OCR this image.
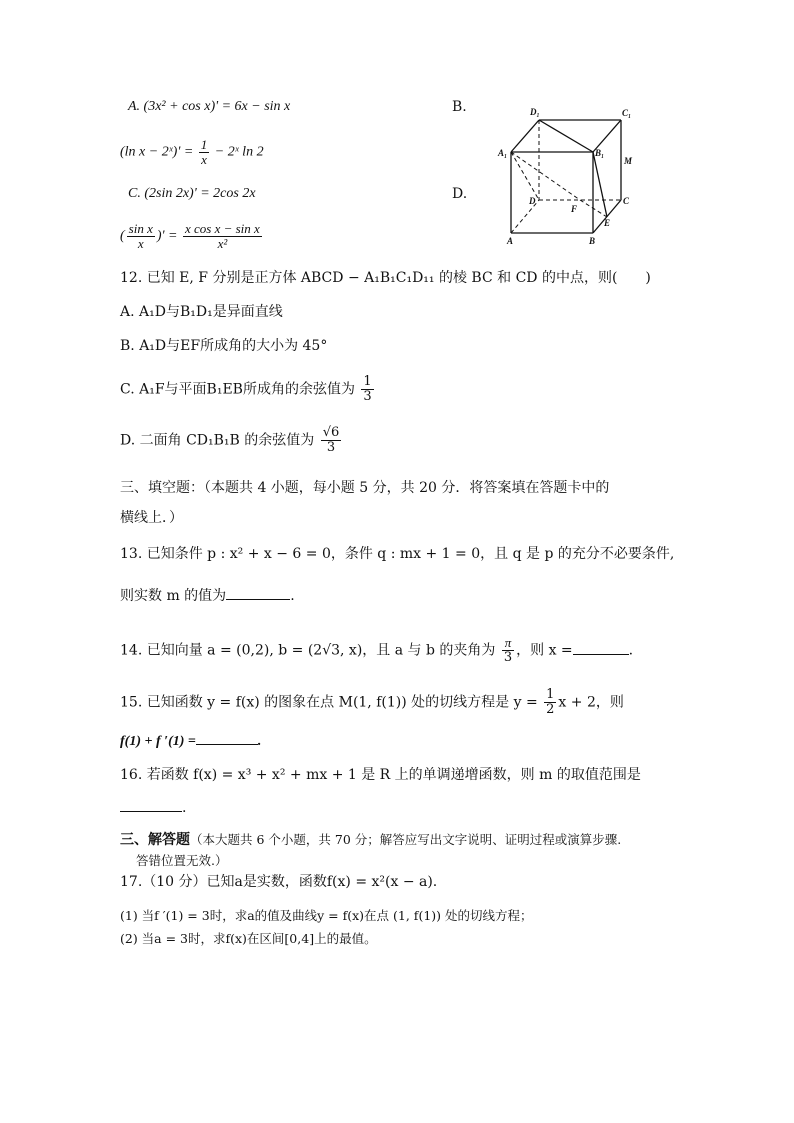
A. (3x² + cos x)' = 6x − sin x	B.
(ln x − 2ˣ)' = $\frac{1}{x}$ − 2ˣ ln 2
C. (2sin 2x)' = 2cos 2x	D.
( $\frac{\text{sin x}}{x}$ )' = $\frac{\text{x cos x − sin x}}{\text{x²}}$
D₁	C₁
A₁	B₁
M
D
F
C
E
A	B
12. 已知 E, F 分别是正方体 ABCD − A₁B₁C₁D₁₁ 的棱 BC 和 CD 的中点，则(　　)
A. A₁D与B₁D₁是异面直线
B. A₁D与EF所成角的大小为 45°
C. A₁F与平面B₁EB所成角的余弦值为 $\frac{1}{3}$
D. 二面角 CD₁B₁B 的余弦值为 $\frac{√6}{3}$
三、填空题：（本题共 4 小题，每小题 5 分，共 20 分．将答案填在答题卡中的
横线上．）
13. 已知条件 p : x² + x − 6 = 0，条件 q : mx + 1 = 0，且 q 是 p 的充分不必要条件,
则实数 m 的值为	.
14. 已知向量 a = (0,2), b = (2√3, x)，且 a 与 b 的夹角为 $\frac{\pi}{3}$ ，则 x =	.
15. 已知函数 y = f(x) 的图象在点 M(1, f(1)) 处的切线方程是 $y = \frac{1}{2}$ x + 2，则
f(1) + f ′(1) =	.
16. 若函数 f(x) = x³ + x² + mx + 1 是 R 上的单调递增函数，则 m 的取值范围是
.
三、解答题（本大题共 6 个小题，共 70 分；解答应写出文字说明、证明过程或演算步骤.
答错位置无效.）
17.（10 分）已知a是实数，函数f(x) = x²(x − a).
(1) 当f ′(1) = 3时，求a的值及曲线y = f(x)在点 (1, f(1)) 处的切线方程；
(2) 当a = 3时，求f(x)在区间[0,4]上的最值。
